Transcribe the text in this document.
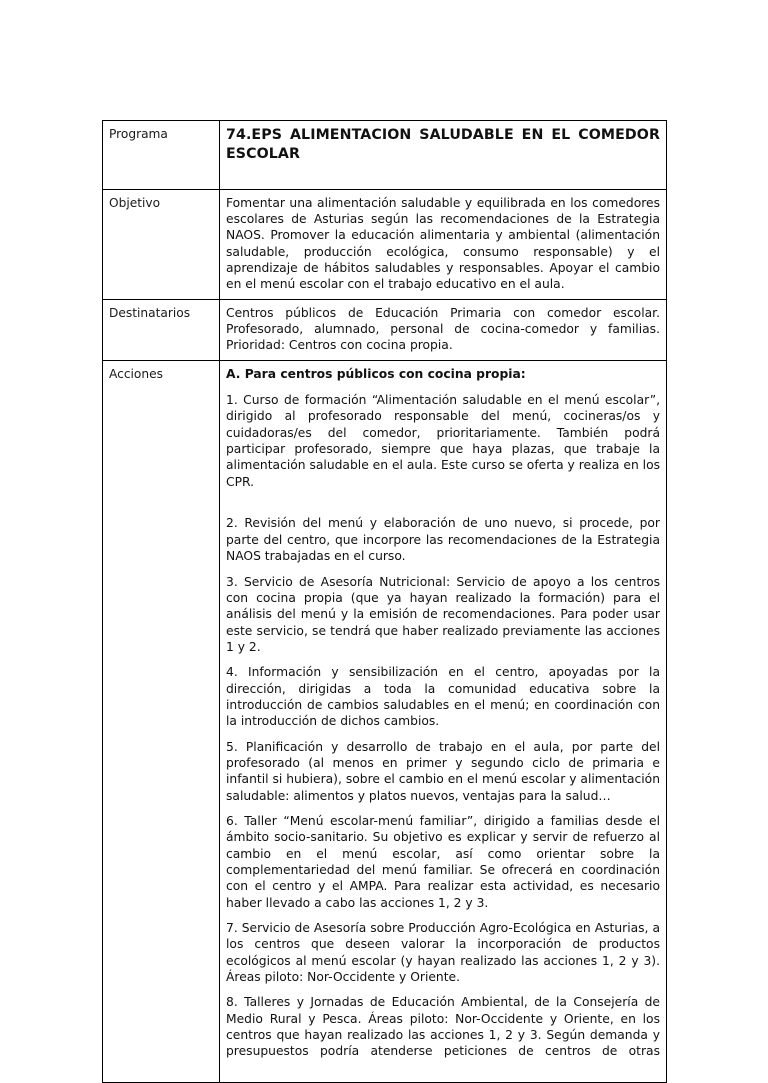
Programa	74.EPS ALIMENTACION SALUDABLE EN EL COMEDOR ESCOLAR

Objetivo	Fomentar una alimentación saludable y equilibrada en los comedores escolares de Asturias según las recomendaciones de la Estrategia NAOS. Promover la educación alimentaria y ambiental (alimentación saludable, producción ecológica, consumo responsable) y el aprendizaje de hábitos saludables y responsables. Apoyar el cambio en el menú escolar con el trabajo educativo en el aula.

Destinatarios	Centros públicos de Educación Primaria con comedor escolar. Profesorado, alumnado, personal de cocina-comedor y familias. Prioridad: Centros con cocina propia.

Acciones	A. Para centros públicos con cocina propia:

1. Curso de formación “Alimentación saludable en el menú escolar”, dirigido al profesorado responsable del menú, cocineras/os y cuidadoras/es del comedor, prioritariamente. También podrá participar profesorado, siempre que haya plazas, que trabaje la alimentación saludable en el aula. Este curso se oferta y realiza en los CPR.

2. Revisión del menú y elaboración de uno nuevo, si procede, por parte del centro, que incorpore las recomendaciones de la Estrategia NAOS trabajadas en el curso.

3. Servicio de Asesoría Nutricional: Servicio de apoyo a los centros con cocina propia (que ya hayan realizado la formación) para el análisis del menú y la emisión de recomendaciones. Para poder usar este servicio, se tendrá que haber realizado previamente las acciones 1 y 2.

4. Información y sensibilización en el centro, apoyadas por la dirección, dirigidas a toda la comunidad educativa sobre la introducción de cambios saludables en el menú; en coordinación con la introducción de dichos cambios.

5. Planificación y desarrollo de trabajo en el aula, por parte del profesorado (al menos en primer y segundo ciclo de primaria e infantil si hubiera), sobre el cambio en el menú escolar y alimentación saludable: alimentos y platos nuevos, ventajas para la salud…

6. Taller “Menú escolar-menú familiar”, dirigido a familias desde el ámbito socio-sanitario. Su objetivo es explicar y servir de refuerzo al cambio en el menú escolar, así como orientar sobre la complementariedad del menú familiar. Se ofrecerá en coordinación con el centro y el AMPA. Para realizar esta actividad, es necesario haber llevado a cabo las acciones 1, 2 y 3.

7. Servicio de Asesoría sobre Producción Agro-Ecológica en Asturias, a los centros que deseen valorar la incorporación de productos ecológicos al menú escolar (y hayan realizado las acciones 1, 2 y 3). Áreas piloto: Nor-Occidente y Oriente.

8. Talleres y Jornadas de Educación Ambiental, de la Consejería de Medio Rural y Pesca. Áreas piloto: Nor-Occidente y Oriente, en los centros que hayan realizado las acciones 1, 2 y 3. Según demanda y presupuestos podría atenderse peticiones de centros de otras
